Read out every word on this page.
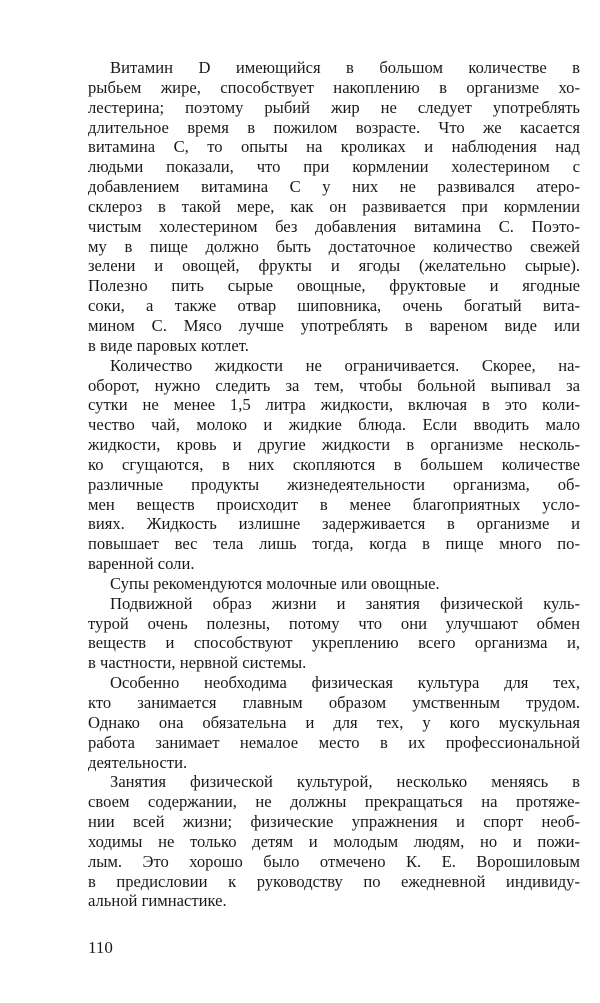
Витамин D имеющийся в большом количестве в
рыбьем жире, способствует накоплению в организме хо-
лестерина; поэтому рыбий жир не следует употреблять
длительное время в пожилом возрасте. Что же касается
витамина С, то опыты на кроликах и наблюдения над
людьми показали, что при кормлении холестерином с
добавлением витамина С у них не развивался атеро-
склероз в такой мере, как он развивается при кормлении
чистым холестерином без добавления витамина С. Поэто-
му в пище должно быть достаточное количество свежей
зелени и овощей, фрукты и ягоды (желательно сырые).
Полезно пить сырые овощные, фруктовые и ягодные
соки, а также отвар шиповника, очень богатый вита-
мином С. Мясо лучше употреблять в вареном виде или
в виде паровых котлет.
Количество жидкости не ограничивается. Скорее, на-
оборот, нужно следить за тем, чтобы больной выпивал за
сутки не менее 1,5 литра жидкости, включая в это коли-
чество чай, молоко и жидкие блюда. Если вводить мало
жидкости, кровь и другие жидкости в организме несколь-
ко сгущаются, в них скопляются в большем количестве
различные продукты жизнедеятельности организма, об-
мен веществ происходит в менее благоприятных усло-
виях. Жидкость излишне задерживается в организме и
повышает вес тела лишь тогда, когда в пище много по-
варенной соли.
Супы рекомендуются молочные или овощные.
Подвижной образ жизни и занятия физической куль-
турой очень полезны, потому что они улучшают обмен
веществ и способствуют укреплению всего организма и,
в частности, нервной системы.
Особенно необходима физическая культура для тех,
кто занимается главным образом умственным трудом.
Однако она обязательна и для тех, у кого мускульная
работа занимает немалое место в их профессиональной
деятельности.
Занятия физической культурой, несколько меняясь в
своем содержании, не должны прекращаться на протяже-
нии всей жизни; физические упражнения и спорт необ-
ходимы не только детям и молодым людям, но и пожи-
лым. Это хорошо было отмечено К. Е. Ворошиловым
в предисловии к руководству по ежедневной индивиду-
альной гимнастике.
110
